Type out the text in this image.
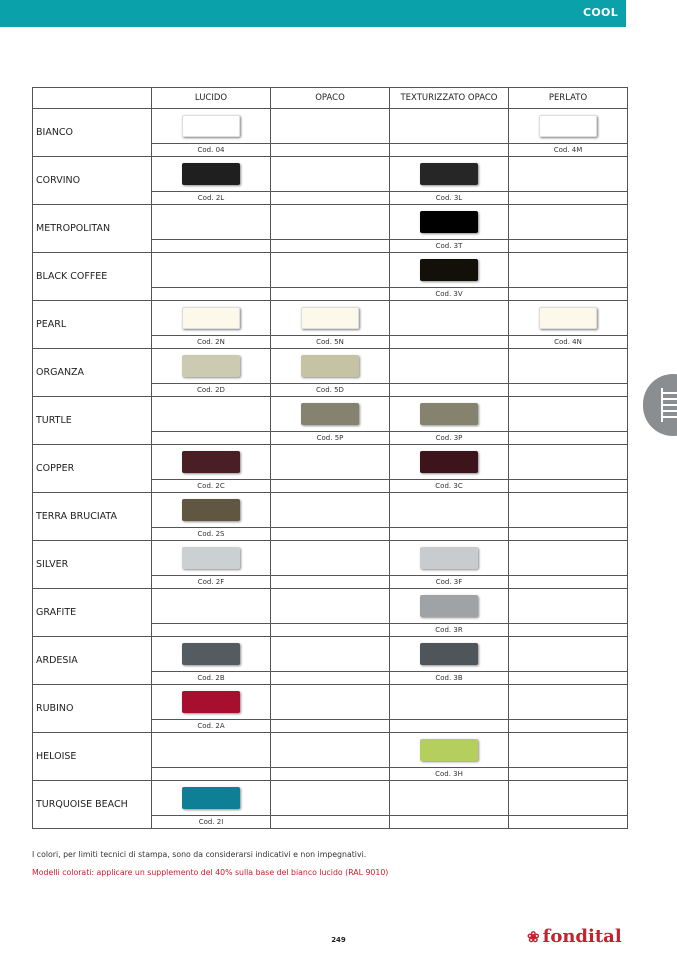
COOL
	LUCIDO	OPACO	TEXTURIZZATO OPACO	PERLATO
BIANCO	

	Cod. 04			Cod. 4M
CORVINO	

	Cod. 2L		Cod. 3L	
METROPOLITAN			

			Cod. 3T	
BLACK COFFEE			

			Cod. 3V	
PEARL	

	Cod. 2N	Cod. 5N		Cod. 4N
ORGANZA	

	Cod. 2D	Cod. 5D		
TURTLE		

		Cod. 5P	Cod. 3P	
COPPER	

	Cod. 2C		Cod. 3C	
TERRA BRUCIATA	

	Cod. 2S			
SILVER	

	Cod. 2F		Cod. 3F	
GRAFITE			

			Cod. 3R	
ARDESIA	

	Cod. 2B		Cod. 3B	
RUBINO	

	Cod. 2A			
HELOISE			

			Cod. 3H	
TURQUOISE BEACH	

	Cod. 2I			
I colori, per limiti tecnici di stampa, sono da considerarsi indicativi e non impegnativi.
Modelli colorati: applicare un supplemento del 40% sulla base del bianco lucido (RAL 9010)
249	❀ fondital
